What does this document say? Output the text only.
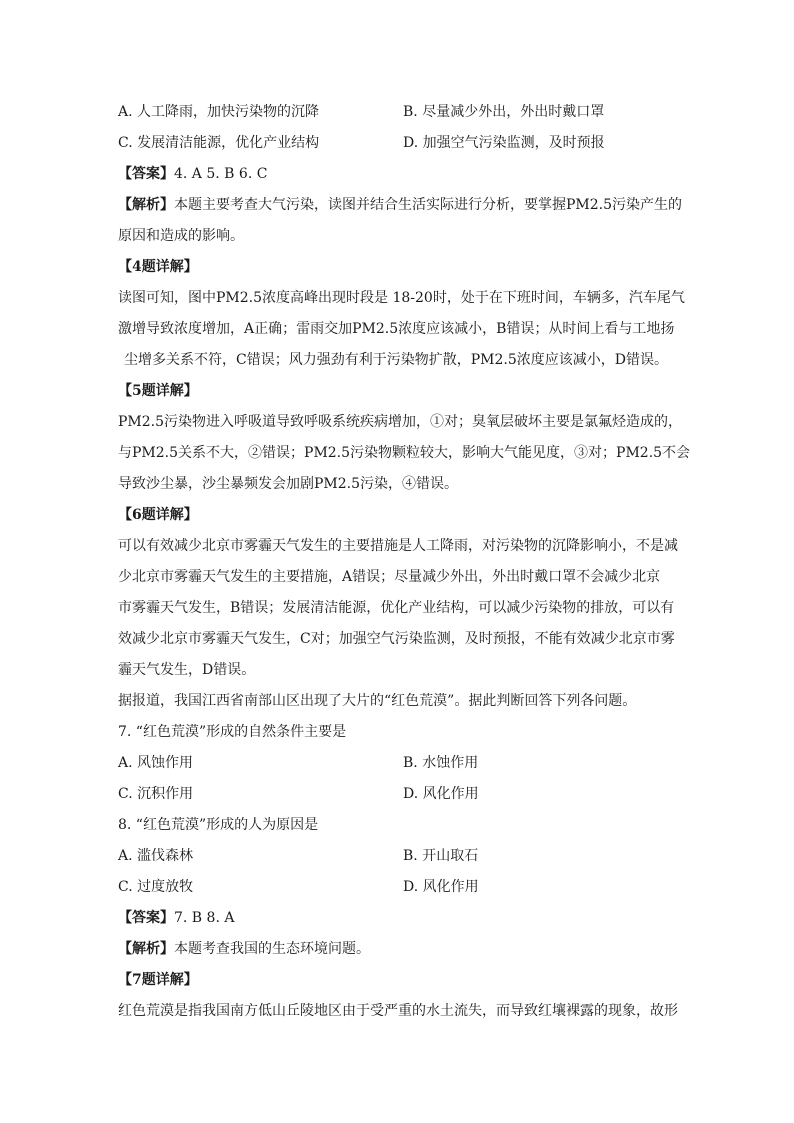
A. 人工降雨，加快污染物的沉降	B. 尽量减少外出，外出时戴口罩
C. 发展清洁能源，优化产业结构	D. 加强空气污染监测，及时预报
【答案】4. A 5. B 6. C
【解析】本题主要考查大气污染，读图并结合生活实际进行分析，要掌握PM2.5污染产生的
原因和造成的影响。
【4题详解】
读图可知，图中PM2.5浓度高峰出现时段是 18-20时，处于在下班时间，车辆多，汽车尾气
激增导致浓度增加，A正确；雷雨交加PM2.5浓度应该减小，B错误；从时间上看与工地扬
尘增多关系不符，C错误；风力强劲有利于污染物扩散，PM2.5浓度应该减小，D错误。
【5题详解】
PM2.5污染物进入呼吸道导致呼吸系统疾病增加，①对；臭氧层破坏主要是氯氟烃造成的，
与PM2.5关系不大，②错误；PM2.5污染物颗粒较大，影响大气能见度，③对；PM2.5不会
导致沙尘暴，沙尘暴频发会加剧PM2.5污染，④错误。
【6题详解】
可以有效减少北京市雾霾天气发生的主要措施是人工降雨，对污染物的沉降影响小，不是减
少北京市雾霾天气发生的主要措施，A错误；尽量减少外出，外出时戴口罩不会减少北京
市雾霾天气发生，B错误；发展清洁能源，优化产业结构，可以减少污染物的排放，可以有
效减少北京市雾霾天气发生，C对；加强空气污染监测，及时预报，不能有效减少北京市雾
霾天气发生，D错误。
据报道，我国江西省南部山区出现了大片的“红色荒漠”。据此判断回答下列各问题。
7. “红色荒漠”形成的自然条件主要是
A. 风蚀作用	B. 水蚀作用
C. 沉积作用	D. 风化作用
8. “红色荒漠”形成的人为原因是
A. 滥伐森林	B. 开山取石
C. 过度放牧	D. 风化作用
【答案】7. B 8. A
【解析】本题考查我国的生态环境问题。
【7题详解】
红色荒漠是指我国南方低山丘陵地区由于受严重的水土流失，而导致红壤裸露的现象，故形
